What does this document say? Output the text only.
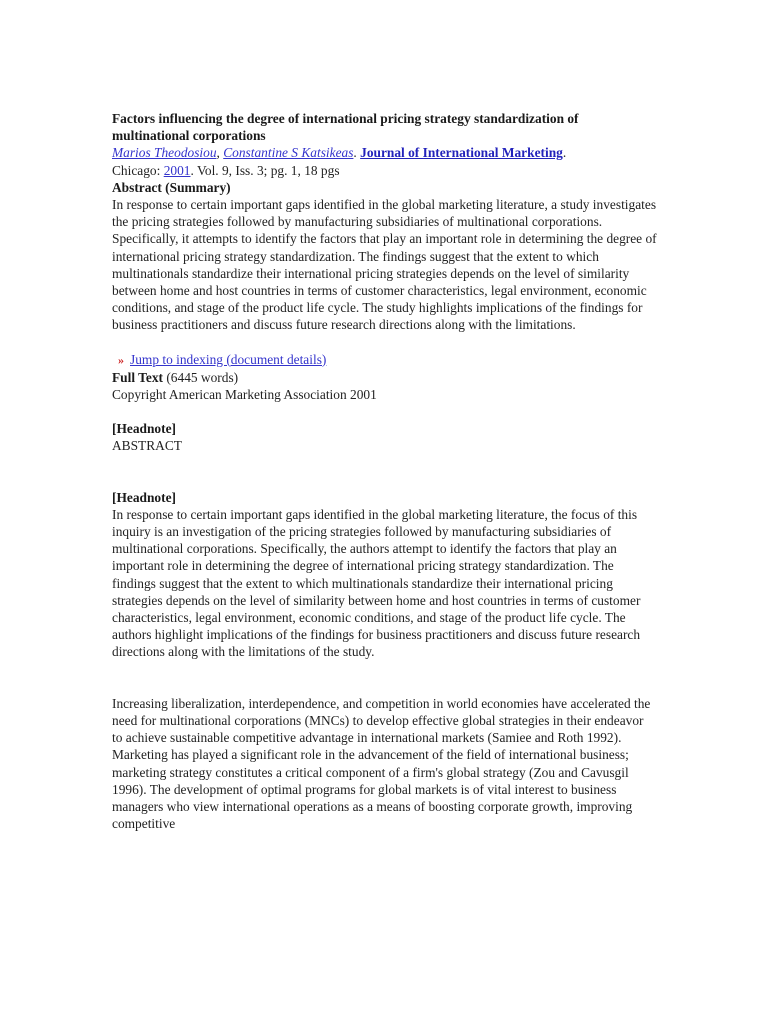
Factors influencing the degree of international pricing strategy standardization of multinational corporations

Marios Theodosiou, Constantine S Katsikeas. Journal of International Marketing.

Chicago: 2001. Vol. 9, Iss. 3; pg. 1, 18 pgs

Abstract (Summary)

In response to certain important gaps identified in the global marketing literature, a study investigates the pricing strategies followed by manufacturing subsidiaries of multinational corporations. Specifically, it attempts to identify the factors that play an important role in determining the degree of international pricing strategy standardization. The findings suggest that the extent to which multinationals standardize their international pricing strategies depends on the level of similarity between home and host countries in terms of customer characteristics, legal environment, economic conditions, and stage of the product life cycle. The study highlights implications of the findings for business practitioners and discuss future research directions along with the limitations.

» Jump to indexing (document details)

Full Text (6445 words)

Copyright American Marketing Association 2001

[Headnote]

ABSTRACT

[Headnote]

In response to certain important gaps identified in the global marketing literature, the focus of this inquiry is an investigation of the pricing strategies followed by manufacturing subsidiaries of multinational corporations. Specifically, the authors attempt to identify the factors that play an important role in determining the degree of international pricing strategy standardization. The findings suggest that the extent to which multinationals standardize their international pricing strategies depends on the level of similarity between home and host countries in terms of customer characteristics, legal environment, economic conditions, and stage of the product life cycle. The authors highlight implications of the findings for business practitioners and discuss future research directions along with the limitations of the study.

Increasing liberalization, interdependence, and competition in world economies have accelerated the need for multinational corporations (MNCs) to develop effective global strategies in their endeavor to achieve sustainable competitive advantage in international markets (Samiee and Roth 1992). Marketing has played a significant role in the advancement of the field of international business; marketing strategy constitutes a critical component of a firm's global strategy (Zou and Cavusgil 1996). The development of optimal programs for global markets is of vital interest to business managers who view international operations as a means of boosting corporate growth, improving competitive
